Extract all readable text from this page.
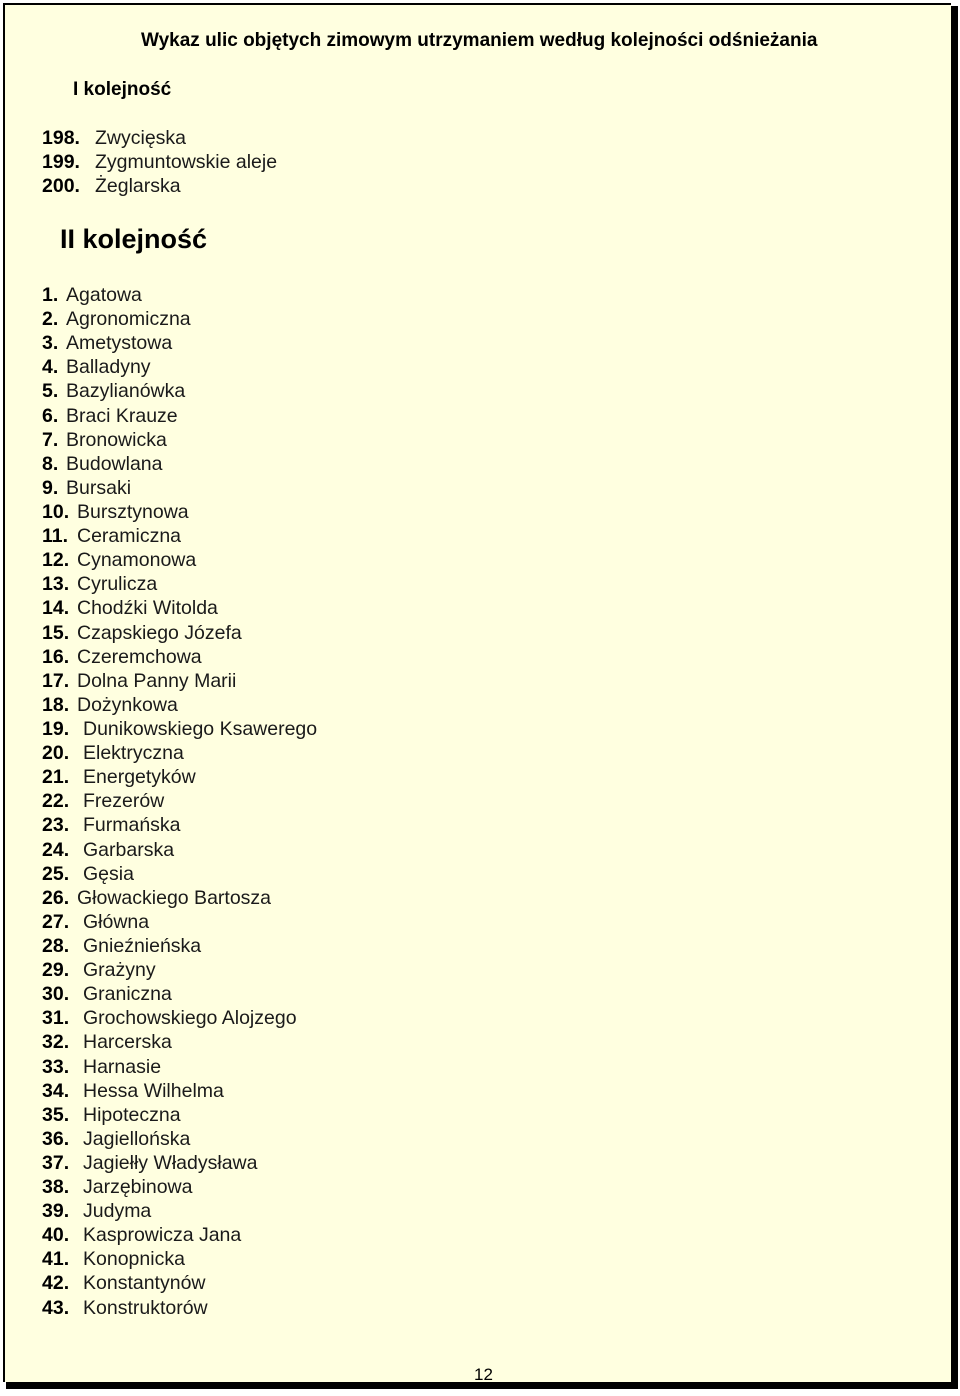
Wykaz ulic objętych zimowym utrzymaniem według kolejności odśnieżania
I kolejność
198. Zwycięska
199. Zygmuntowskie aleje
200. Żeglarska
II kolejność
1. Agatowa
2. Agronomiczna
3. Ametystowa
4. Balladyny
5. Bazylianówka
6. Braci Krauze
7. Bronowicka
8. Budowlana
9. Bursaki
10. Bursztynowa
11. Ceramiczna
12. Cynamonowa
13. Cyrulicza
14. Chodźki Witolda
15. Czapskiego Józefa
16. Czeremchowa
17. Dolna Panny Marii
18. Dożynkowa
19. Dunikowskiego Ksawerego
20. Elektryczna
21. Energetyków
22. Frezerów
23. Furmańska
24. Garbarska
25. Gęsia
26. Głowackiego Bartosza
27. Główna
28. Gnieźnieńska
29. Grażyny
30. Graniczna
31. Grochowskiego Alojzego
32. Harcerska
33. Harnasie
34. Hessa Wilhelma
35. Hipoteczna
36. Jagiellońska
37. Jagiełły Władysława
38. Jarzębinowa
39. Judyma
40. Kasprowicza Jana
41. Konopnicka
42. Konstantynów
43. Konstruktorów
12
